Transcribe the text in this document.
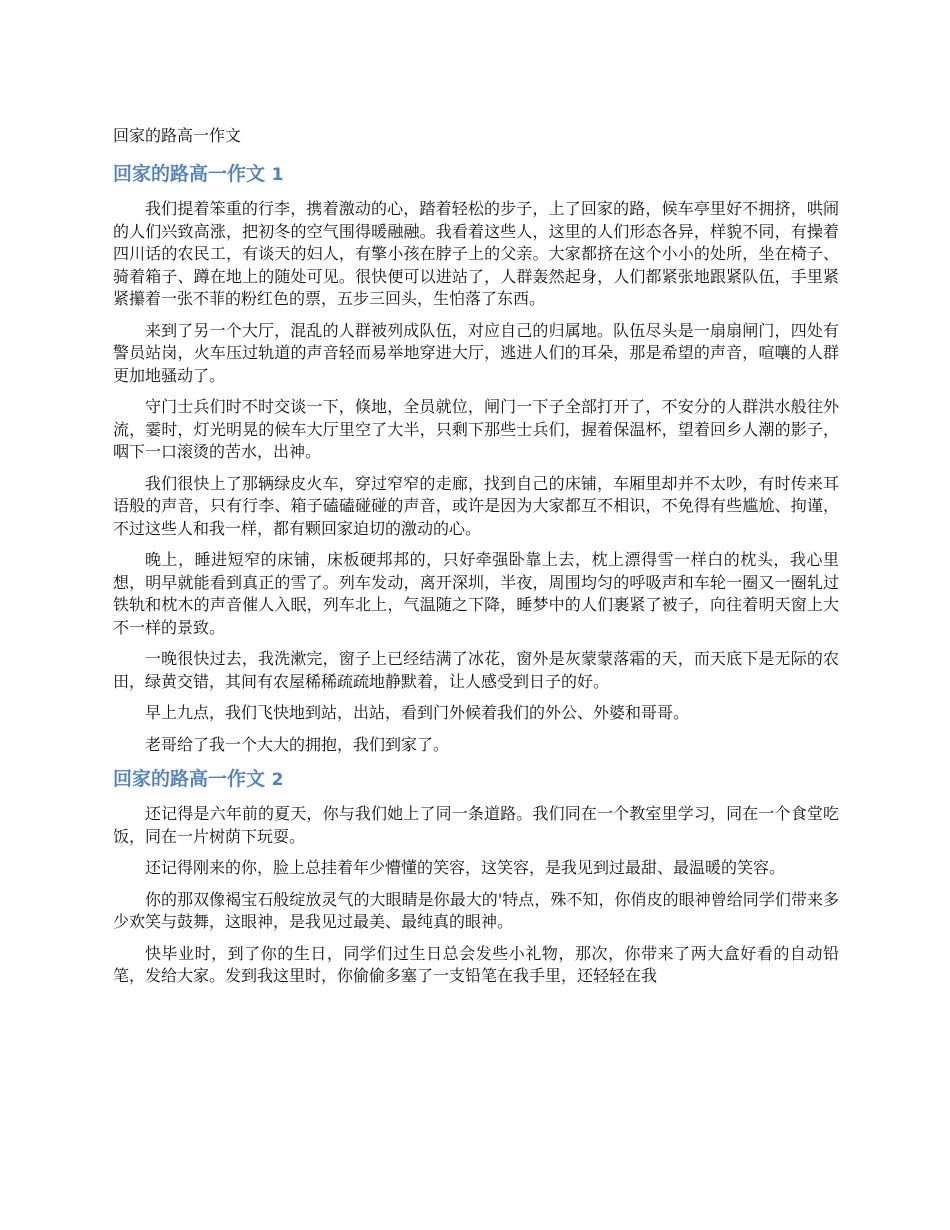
回家的路高一作文
回家的路高一作文 1

我们提着笨重的行李，携着激动的心，踏着轻松的步子，上了回家的路，候车亭里好不拥挤，哄闹的人们兴致高涨，把初冬的空气围得暖融融。我看着这些人，这里的人们形态各异，样貌不同，有操着四川话的农民工，有谈天的妇人，有擎小孩在脖子上的父亲。大家都挤在这个小小的处所，坐在椅子、骑着箱子、蹲在地上的随处可见。很快便可以进站了，人群轰然起身，人们都紧张地跟紧队伍，手里紧紧攥着一张不菲的粉红色的票，五步三回头，生怕落了东西。

来到了另一个大厅，混乱的人群被列成队伍，对应自己的归属地。队伍尽头是一扇扇闸门，四处有警员站岗，火车压过轨道的声音轻而易举地穿进大厅，逃进人们的耳朵，那是希望的声音，喧嚷的人群更加地骚动了。

守门士兵们时不时交谈一下，倏地，全员就位，闸门一下子全部打开了，不安分的人群洪水般往外流，霎时，灯光明晃的候车大厅里空了大半，只剩下那些士兵们，握着保温杯，望着回乡人潮的影子，咽下一口滚烫的苦水，出神。

我们很快上了那辆绿皮火车，穿过窄窄的走廊，找到自己的床铺，车厢里却并不太吵，有时传来耳语般的声音，只有行李、箱子磕磕碰碰的声音，或许是因为大家都互不相识，不免得有些尴尬、拘谨，不过这些人和我一样，都有颗回家迫切的激动的心。

晚上，睡进短窄的床铺，床板硬邦邦的，只好牵强卧靠上去，枕上漂得雪一样白的枕头，我心里想，明早就能看到真正的雪了。列车发动，离开深圳，半夜，周围均匀的呼吸声和车轮一圈又一圈轧过铁轨和枕木的声音催人入眠，列车北上，气温随之下降，睡梦中的人们裹紧了被子，向往着明天窗上大不一样的景致。

一晚很快过去，我洗漱完，窗子上已经结满了冰花，窗外是灰蒙蒙落霜的天，而天底下是无际的农田，绿黄交错，其间有农屋稀稀疏疏地静默着，让人感受到日子的好。

早上九点，我们飞快地到站，出站，看到门外候着我们的外公、外婆和哥哥。

老哥给了我一个大大的拥抱，我们到家了。

回家的路高一作文 2

还记得是六年前的夏天，你与我们她上了同一条道路。我们同在一个教室里学习，同在一个食堂吃饭，同在一片树荫下玩耍。

还记得刚来的你，脸上总挂着年少懵懂的笑容，这笑容，是我见到过最甜、最温暖的笑容。

你的那双像褐宝石般绽放灵气的大眼睛是你最大的'特点，殊不知，你俏皮的眼神曾给同学们带来多少欢笑与鼓舞，这眼神，是我见过最美、最纯真的眼神。

快毕业时，到了你的生日，同学们过生日总会发些小礼物，那次，你带来了两大盒好看的自动铅笔，发给大家。发到我这里时，你偷偷多塞了一支铅笔在我手里，还轻轻在我
